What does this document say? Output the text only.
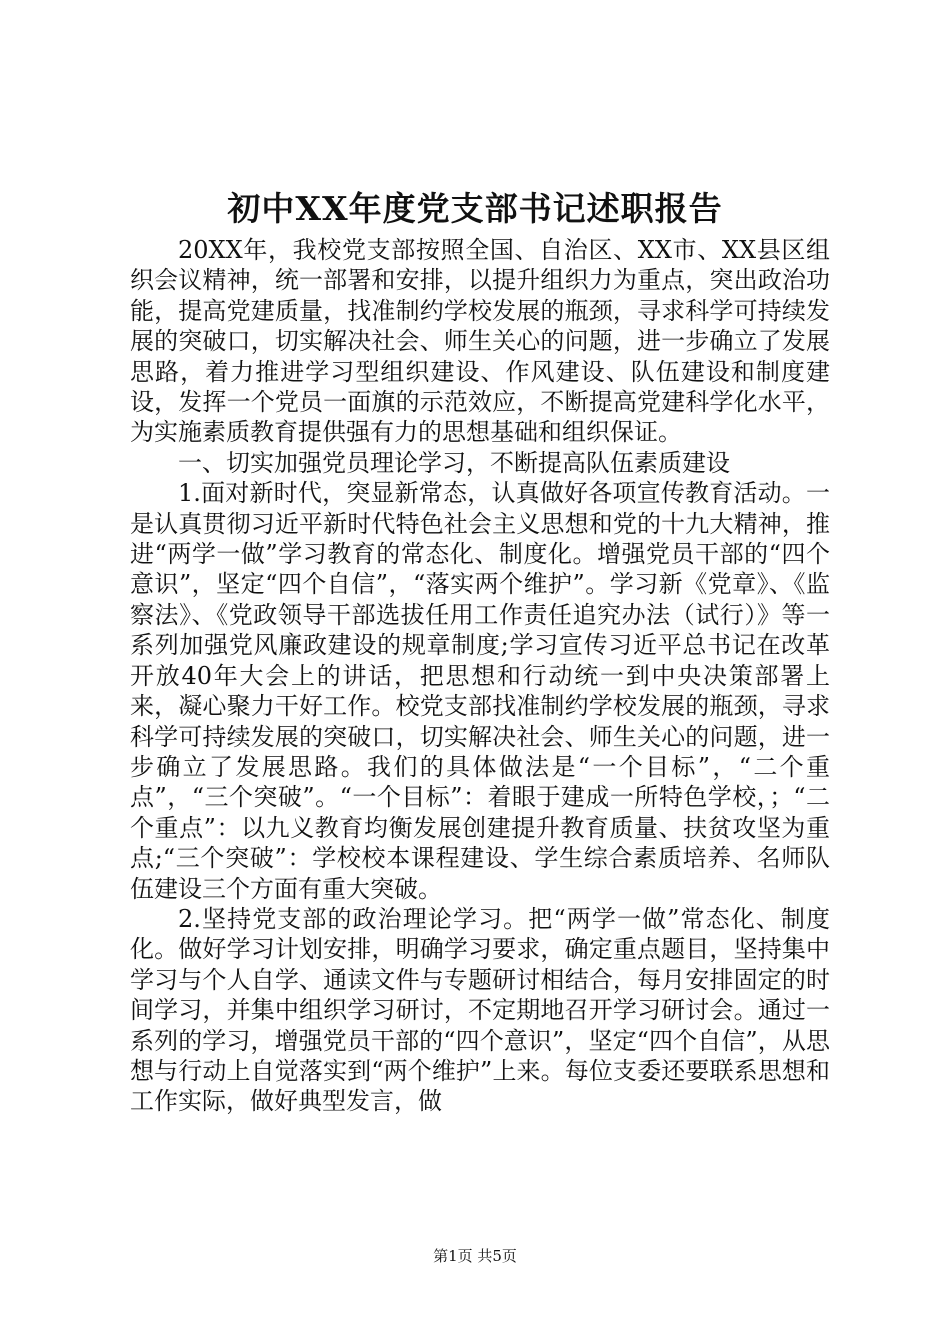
初中XX年度党支部书记述职报告

20XX年，我校党支部按照全国、自治区、XX市、XX县区组织会议精神，统一部署和安排，以提升组织力为重点，突出政治功能，提高党建质量，找准制约学校发展的瓶颈，寻求科学可持续发展的突破口，切实解决社会、师生关心的问题，进一步确立了发展思路，着力推进学习型组织建设、作风建设、队伍建设和制度建设，发挥一个党员一面旗的示范效应，不断提高党建科学化水平，为实施素质教育提供强有力的思想基础和组织保证。

一、切实加强党员理论学习，不断提高队伍素质建设

1.面对新时代，突显新常态，认真做好各项宣传教育活动。一是认真贯彻习近平新时代特色社会主义思想和党的十九大精神，推进“两学一做”学习教育的常态化、制度化。增强党员干部的“四个意识”，坚定“四个自信”，“落实两个维护”。学习新《党章》、《监察法》、《党政领导干部选拔任用工作责任追究办法（试行）》等一系列加强党风廉政建设的规章制度;学习宣传习近平总书记在改革开放40年大会上的讲话，把思想和行动统一到中央决策部署上来，凝心聚力干好工作。校党支部找准制约学校发展的瓶颈，寻求科学可持续发展的突破口，切实解决社会、师生关心的问题，进一步确立了发展思路。我们的具体做法是“一个目标”，“二个重点”，“三个突破”。“一个目标”：着眼于建成一所特色学校，；“二个重点”：以九义教育均衡发展创建提升教育质量、扶贫攻坚为重点;“三个突破”：学校校本课程建设、学生综合素质培养、名师队伍建设三个方面有重大突破。

2.坚持党支部的政治理论学习。把“两学一做”常态化、制度化。做好学习计划安排，明确学习要求，确定重点题目，坚持集中学习与个人自学、通读文件与专题研讨相结合，每月安排固定的时间学习，并集中组织学习研讨，不定期地召开学习研讨会。通过一系列的学习，增强党员干部的“四个意识”，坚定“四个自信”，从思想与行动上自觉落实到“两个维护”上来。每位支委还要联系思想和工作实际，做好典型发言，做

第1页 共5页
